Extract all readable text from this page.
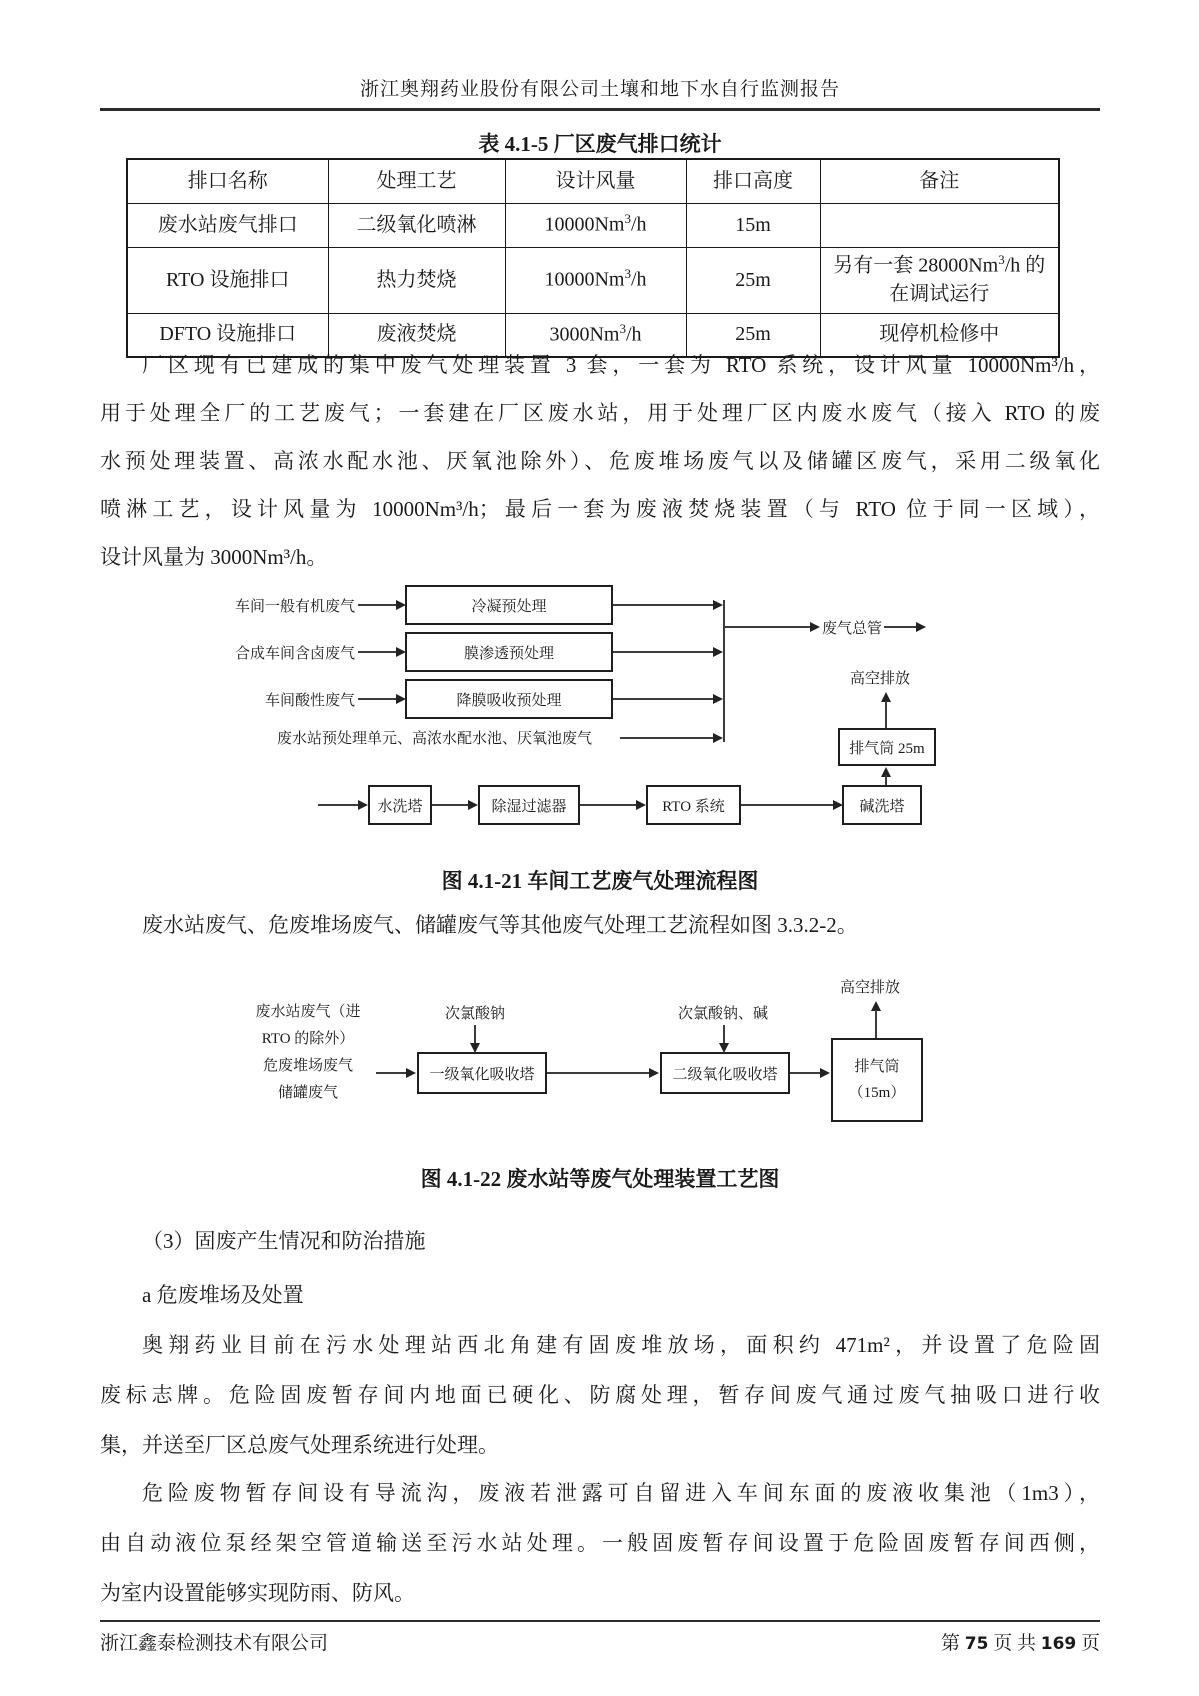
浙江奥翔药业股份有限公司土壤和地下水自行监测报告
表 4.1-5 厂区废气排口统计
排口名称	处理工艺	设计风量	排口高度	备注
废水站废气排口	二级氧化喷淋	10000Nm$^3$/h	15m	
RTO 设施排口	热力焚烧	10000Nm$^3$/h	25m	另有一套 28000Nm$^3$/h 的在调试运行
DFTO 设施排口	废液焚烧	3000Nm$^3$/h	25m	现停机检修中
厂区现有已建成的集中废气处理装置 3 套，一套为 RTO 系统，设计风量 10000Nm³/h，
用于处理全厂的工艺废气；一套建在厂区废水站，用于处理厂区内废水废气（接入 RTO 的废
水预处理装置、高浓水配水池、厌氧池除外）、危废堆场废气以及储罐区废气，采用二级氧化
喷淋工艺，设计风量为 10000Nm³/h；最后一套为废液焚烧装置（与 RTO 位于同一区域），
设计风量为 3000Nm³/h。
图 4.1-21 车间工艺废气处理流程图
废水站废气、危废堆场废气、储罐废气等其他废气处理工艺流程如图 3.3.2-2。
图 4.1-22 废水站等废气处理装置工艺图
（3）固废产生情况和防治措施
a 危废堆场及处置
奥翔药业目前在污水处理站西北角建有固废堆放场，面积约 471m²，并设置了危险固
废标志牌。危险固废暂存间内地面已硬化、防腐处理，暂存间废气通过废气抽吸口进行收
集，并送至厂区总废气处理系统进行处理。
危险废物暂存间设有导流沟，废液若泄露可自留进入车间东面的废液收集池（1m3），
由自动液位泵经架空管道输送至污水站处理。一般固废暂存间设置于危险固废暂存间西侧，
为室内设置能够实现防雨、防风。
浙江鑫泰检测技术有限公司	第 75 页 共 169 页
车间一般有机废气	冷凝预处理
合成车间含卤废气	膜渗透预处理
车间酸性废气	降膜吸收预处理
废水站预处理单元、高浓水配水池、厌氧池废气
废气总管
高空排放
排气筒 25m
水洗塔	除湿过滤器	RTO 系统	碱洗塔
高空排放
排气筒
（15m）
次氯酸钠	次氯酸钠、碱
废水站废气（进
RTO 的除外）
危废堆场废气
储罐废气
一级氧化吸收塔	二级氧化吸收塔
